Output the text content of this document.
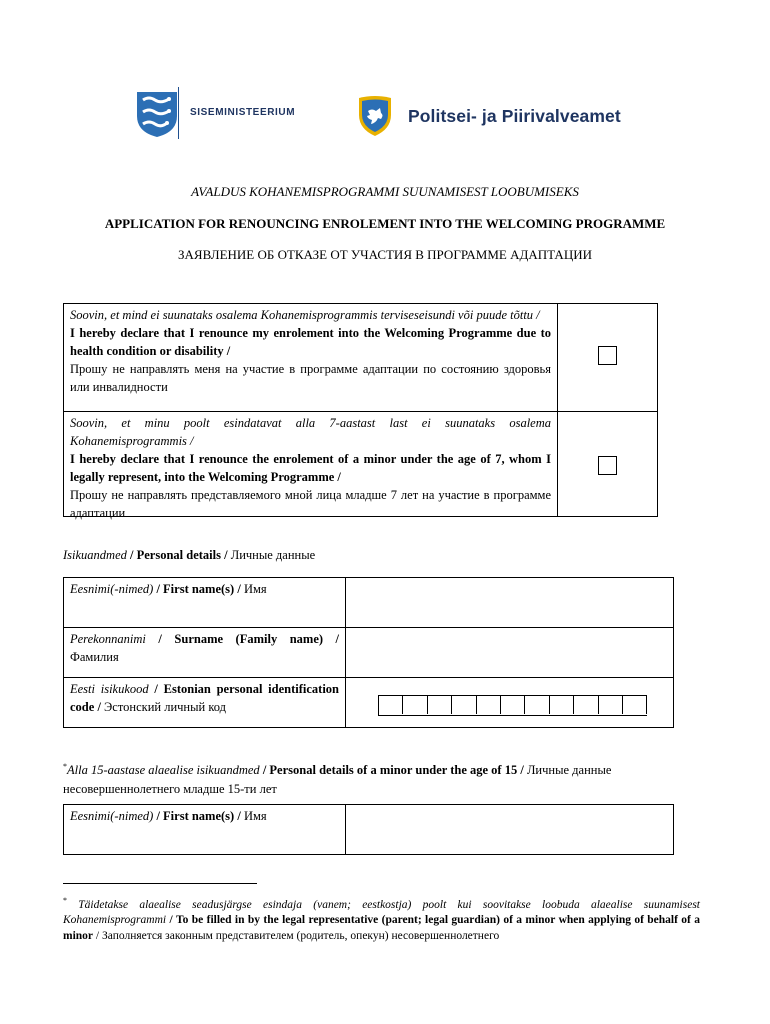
SISEMINISTEERIUM	Politsei- ja Piirivalveamet
AVALDUS KOHANEMISPROGRAMMI SUUNAMISEST LOOBUMISEKS
APPLICATION FOR RENOUNCING ENROLEMENT INTO THE WELCOMING PROGRAMME
ЗАЯВЛЕНИЕ ОБ ОТКАЗЕ ОТ УЧАСТИЯ В ПРОГРАММЕ АДАПТАЦИИ
Soovin, et mind ei suunataks osalema Kohanemisprogrammis terviseseisundi või puude tõttu /
I hereby declare that I renounce my enrolement into the Welcoming Programme due to health condition or disability /
Прошу не направлять меня на участие в программе адаптации по состоянию здоровья или инвалидности
Soovin, et minu poolt esindatavat alla 7-aastast last ei suunataks osalema Kohanemisprogrammis /
I hereby declare that I renounce the enrolement of a minor under the age of 7, whom I legally represent, into the Welcoming Programme /
Прошу не направлять представляемого мной лица младше 7 лет на участие в программе адаптации
Isikuandmed / Personal details / Личные данные
Eesnimi(-nimed) / First name(s) / Имя
Perekonnanimi / Surname (Family name) / Фамилия
Eesti isikukood / Estonian personal identification code / Эстонский личный код
*Alla 15-aastase alaealise isikuandmed / Personal details of a minor under the age of 15 / Личные данные несовершеннолетнего младше 15-ти лет
Eesnimi(-nimed) / First name(s) / Имя
* Täidetakse alaealise seadusjärgse esindaja (vanem; eestkostja) poolt kui soovitakse loobuda alaealise suunamisest Kohanemisprogrammi / To be filled in by the legal representative (parent; legal guardian) of a minor when applying of behalf of a minor / Заполняется законным представителем (родитель, опекун) несовершеннолетнего
